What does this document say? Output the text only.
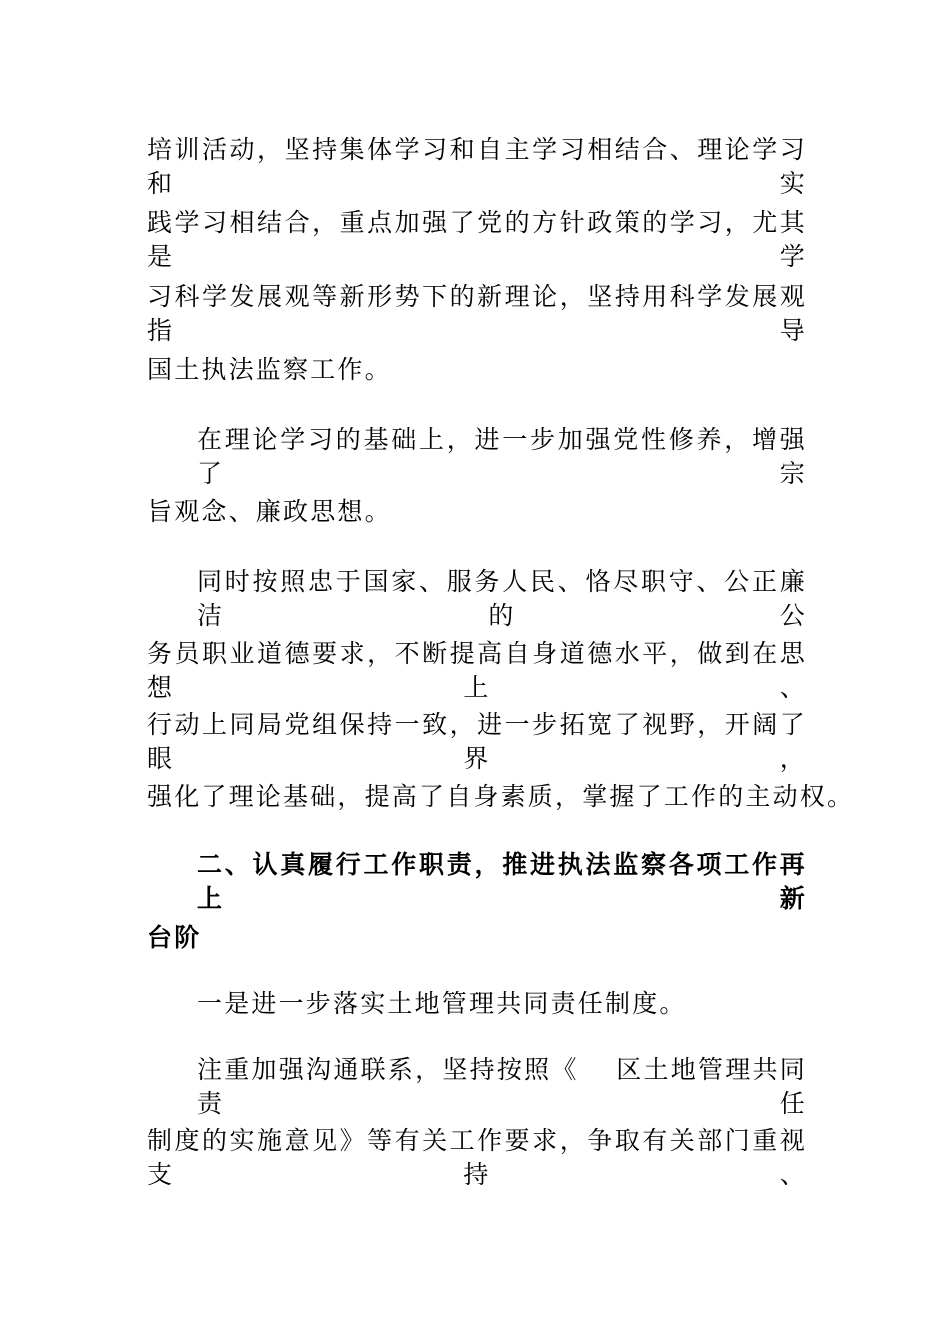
培训活动，坚持集体学习和自主学习相结合、理论学习和实
践学习相结合，重点加强了党的方针政策的学习，尤其是学
习科学发展观等新形势下的新理论，坚持用科学发展观指导
国土执法监察工作。
在理论学习的基础上，进一步加强党性修养，增强了宗
旨观念、廉政思想。
同时按照忠于国家、服务人民、恪尽职守、公正廉洁的公
务员职业道德要求，不断提高自身道德水平，做到在思想上、
行动上同局党组保持一致，进一步拓宽了视野，开阔了眼界，
强化了理论基础，提高了自身素质，掌握了工作的主动权。
二、认真履行工作职责，推进执法监察各项工作再上新
台阶
一是进一步落实土地管理共同责任制度。
注重加强沟通联系，坚持按照《　 区土地管理共同责任
制度的实施意见》等有关工作要求，争取有关部门重视支持、
